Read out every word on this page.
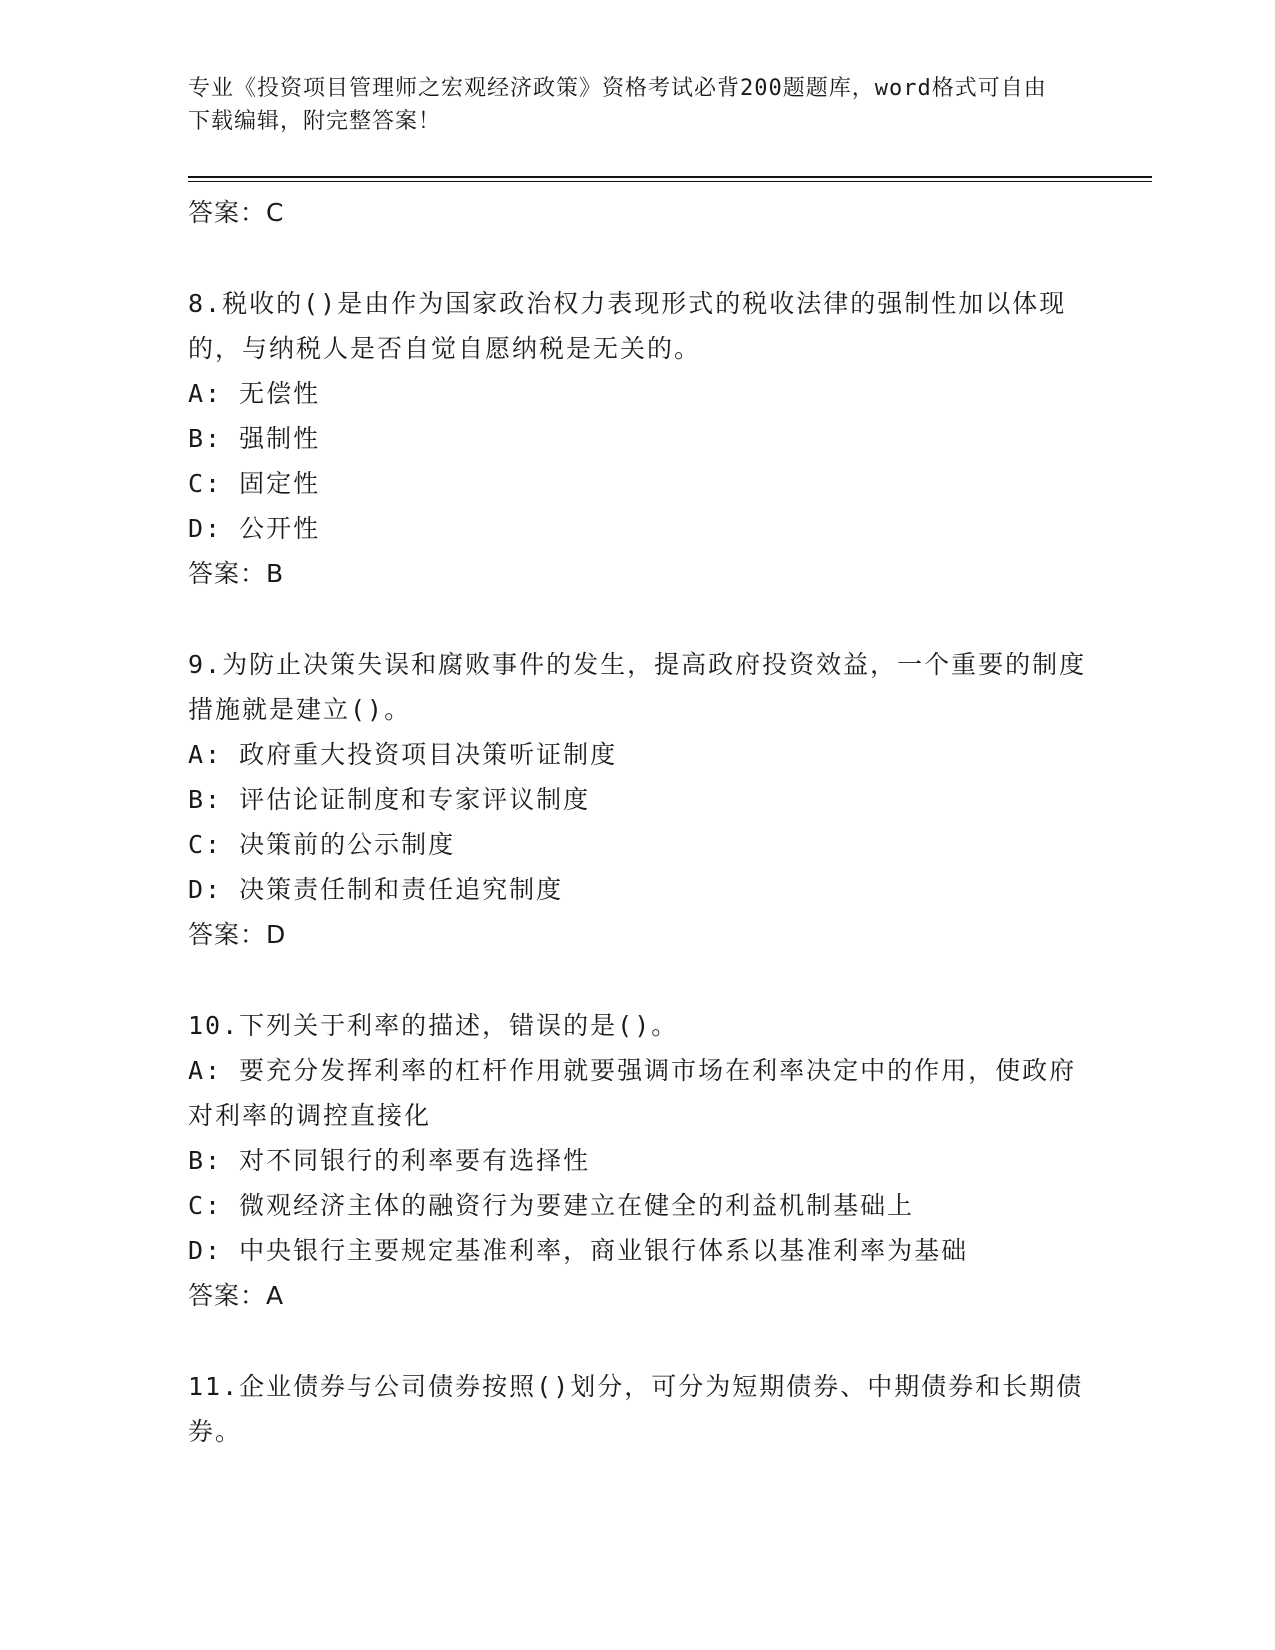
专业《投资项目管理师之宏观经济政策》资格考试必背200题题库，word格式可自由下载编辑，附完整答案！
答案：C
8.税收的()是由作为国家政治权力表现形式的税收法律的强制性加以体现的，与纳税人是否自觉自愿纳税是无关的。
A: 无偿性
B: 强制性
C: 固定性
D: 公开性
答案：B
9.为防止决策失误和腐败事件的发生，提高政府投资效益，一个重要的制度措施就是建立()。
A: 政府重大投资项目决策听证制度
B: 评估论证制度和专家评议制度
C: 决策前的公示制度
D: 决策责任制和责任追究制度
答案：D
10.下列关于利率的描述，错误的是()。
A: 要充分发挥利率的杠杆作用就要强调市场在利率决定中的作用，使政府对利率的调控直接化
B: 对不同银行的利率要有选择性
C: 微观经济主体的融资行为要建立在健全的利益机制基础上
D: 中央银行主要规定基准利率，商业银行体系以基准利率为基础
答案：A
11.企业债券与公司债券按照()划分，可分为短期债券、中期债券和长期债券。
